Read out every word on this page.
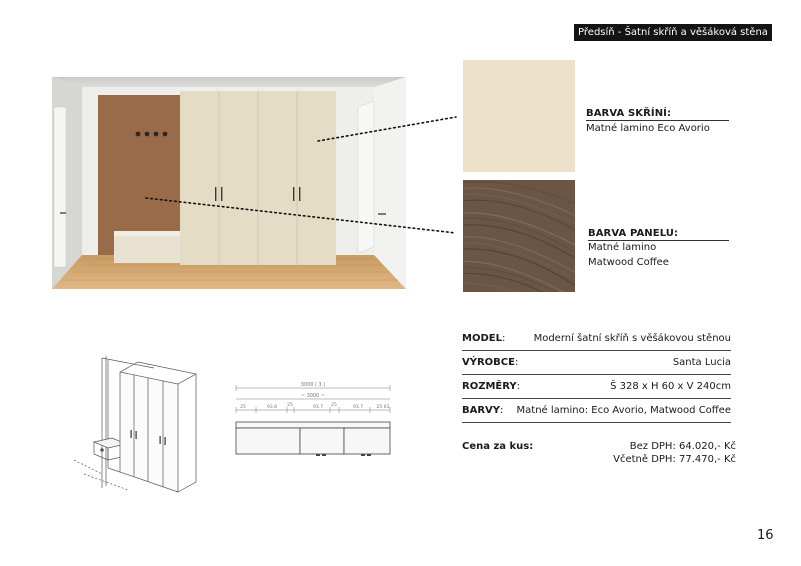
Předsíň - Šatní skříň a věšáková stěna
BARVA SKŘÍNÍ:
Matné lamino Eco Avorio
BARVA PANELU:
Matné lamino
Matwood Coffee
MODEL:	Moderní šatní skříň s věšákovou stěnou
VÝROBCE:	Santa Lucia
ROZMĚRY:	Š 328 x H 60 x V 240cm
BARVY: Matné lamino: Eco Avorio, Matwood Coffee
Cena za kus:	Bez DPH: 64.020,- Kč
Včetně DPH: 77.470,- Kč
3000 ( 3 )
~ 3000 ~
25	93.8 25	93.7 25	93.7	25 63
16
